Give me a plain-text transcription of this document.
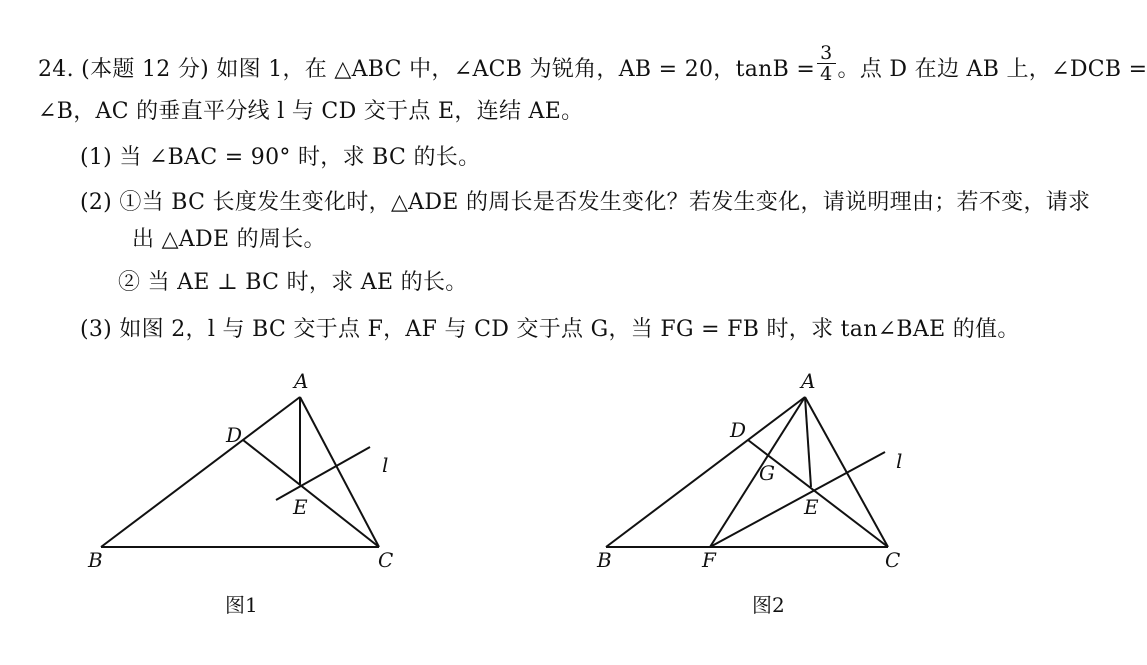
24. (本题 12 分) 如图 1，在 △ABC 中，∠ACB 为锐角，AB = 20，$\tan B = \frac{3}{4}$ 。点 D 在边 AB 上，∠DCB =
∠B，AC 的垂直平分线 l 与 CD 交于点 E，连结 AE。
(1) 当 ∠BAC = 90° 时，求 BC 的长。
(2) ①当 BC 长度发生变化时，△ADE 的周长是否发生变化？若发生变化，请说明理由；若不变，请求
出 △ADE 的周长。
② 当 AE ⊥ BC 时，求 AE 的长。
(3) 如图 2，l 与 BC 交于点 F，AF 与 CD 交于点 G，当 FG = FB 时，求 tan∠BAE 的值。
A
B	C
D
E
l
A
B	C
D
E
F
G	l
图1	图2
